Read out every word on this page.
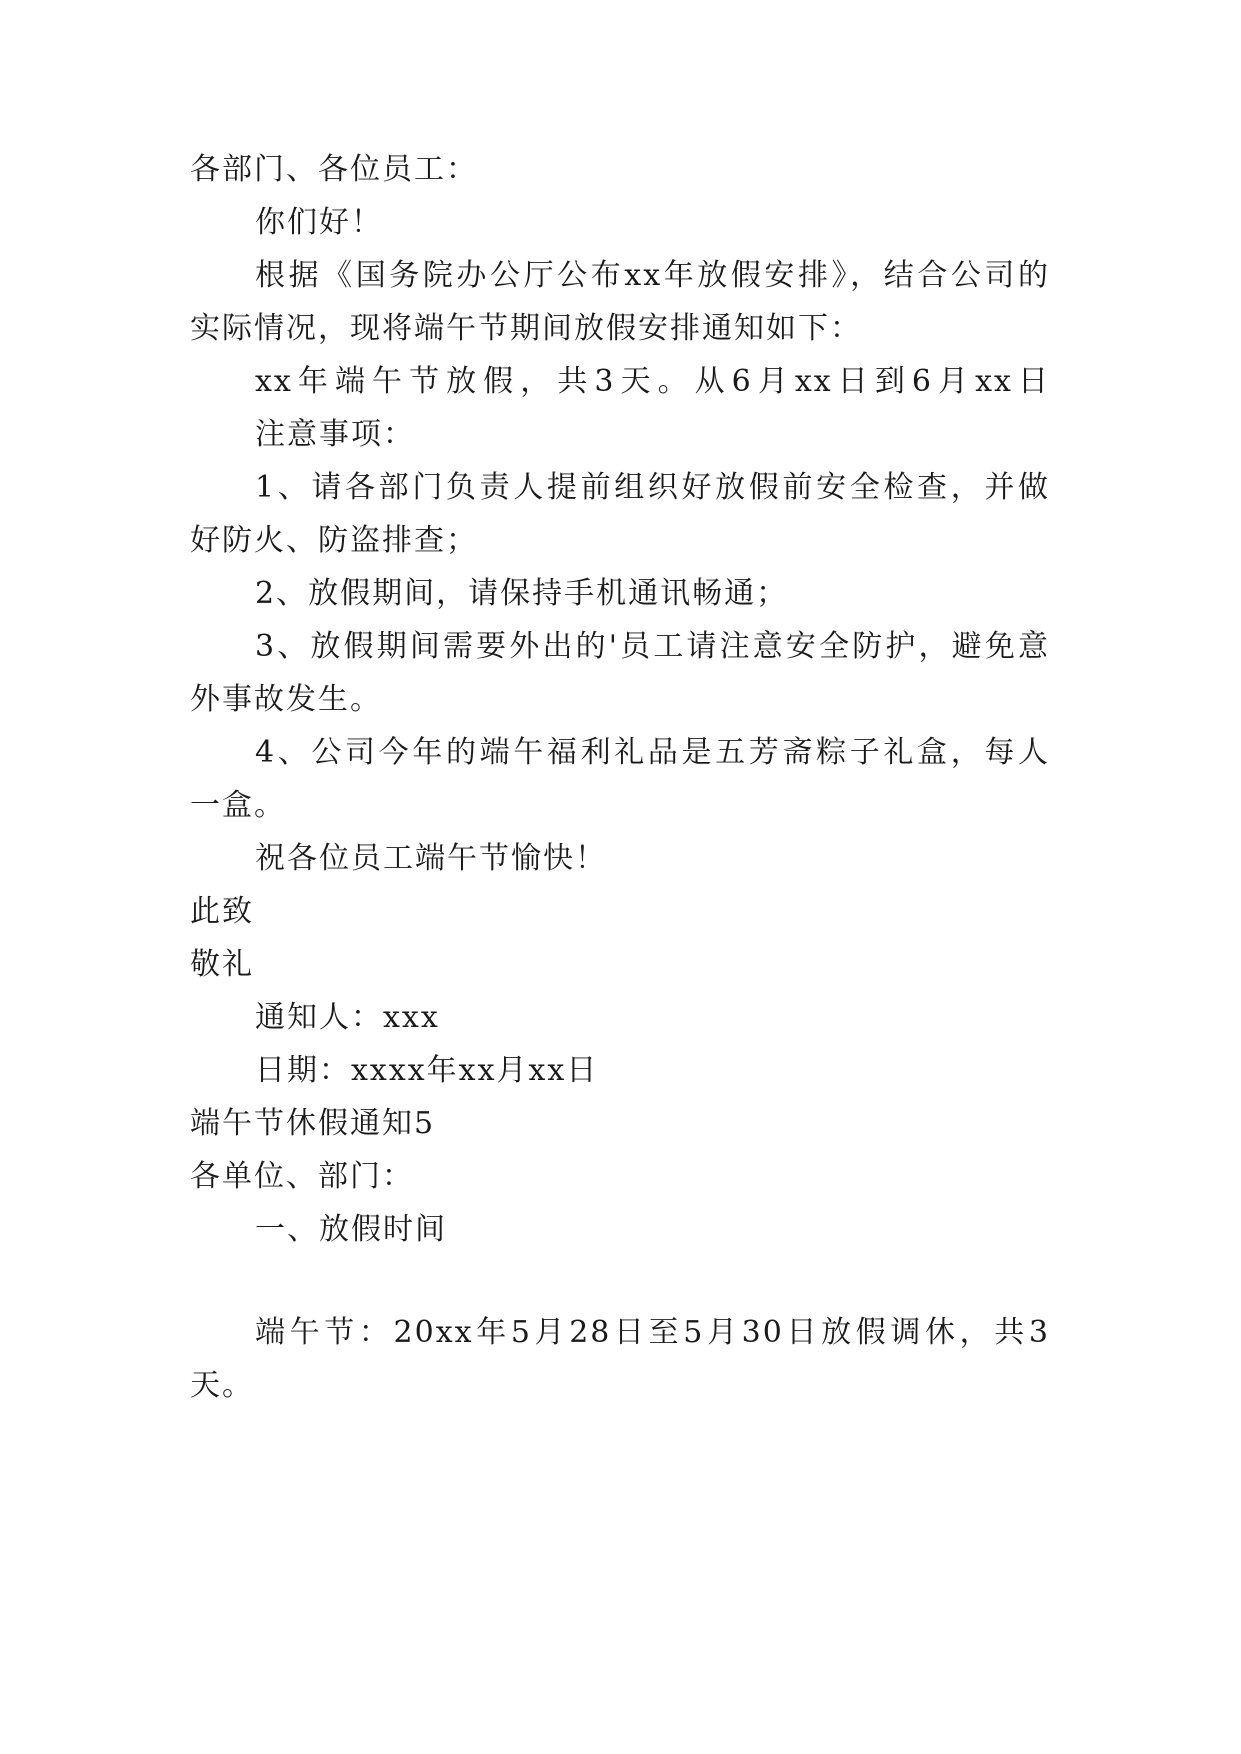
各部门、各位员工：
你们好！
根据《国务院办公厅公布xx年放假安排》，结合公司的
实际情况，现将端午节期间放假安排通知如下：
xx年端午节放假，共3天。从6月xx日到6月xx日
注意事项：
1、请各部门负责人提前组织好放假前安全检查，并做
好防火、防盗排查；
2、放假期间，请保持手机通讯畅通；
3、放假期间需要外出的'员工请注意安全防护，避免意
外事故发生。
4、公司今年的端午福利礼品是五芳斋粽子礼盒，每人
一盒。
祝各位员工端午节愉快！
此致
敬礼
通知人：xxx
日期：xxxx年xx月xx日
端午节休假通知5
各单位、部门：
一、放假时间
端午节：20xx年5月28日至5月30日放假调休，共3
天。
